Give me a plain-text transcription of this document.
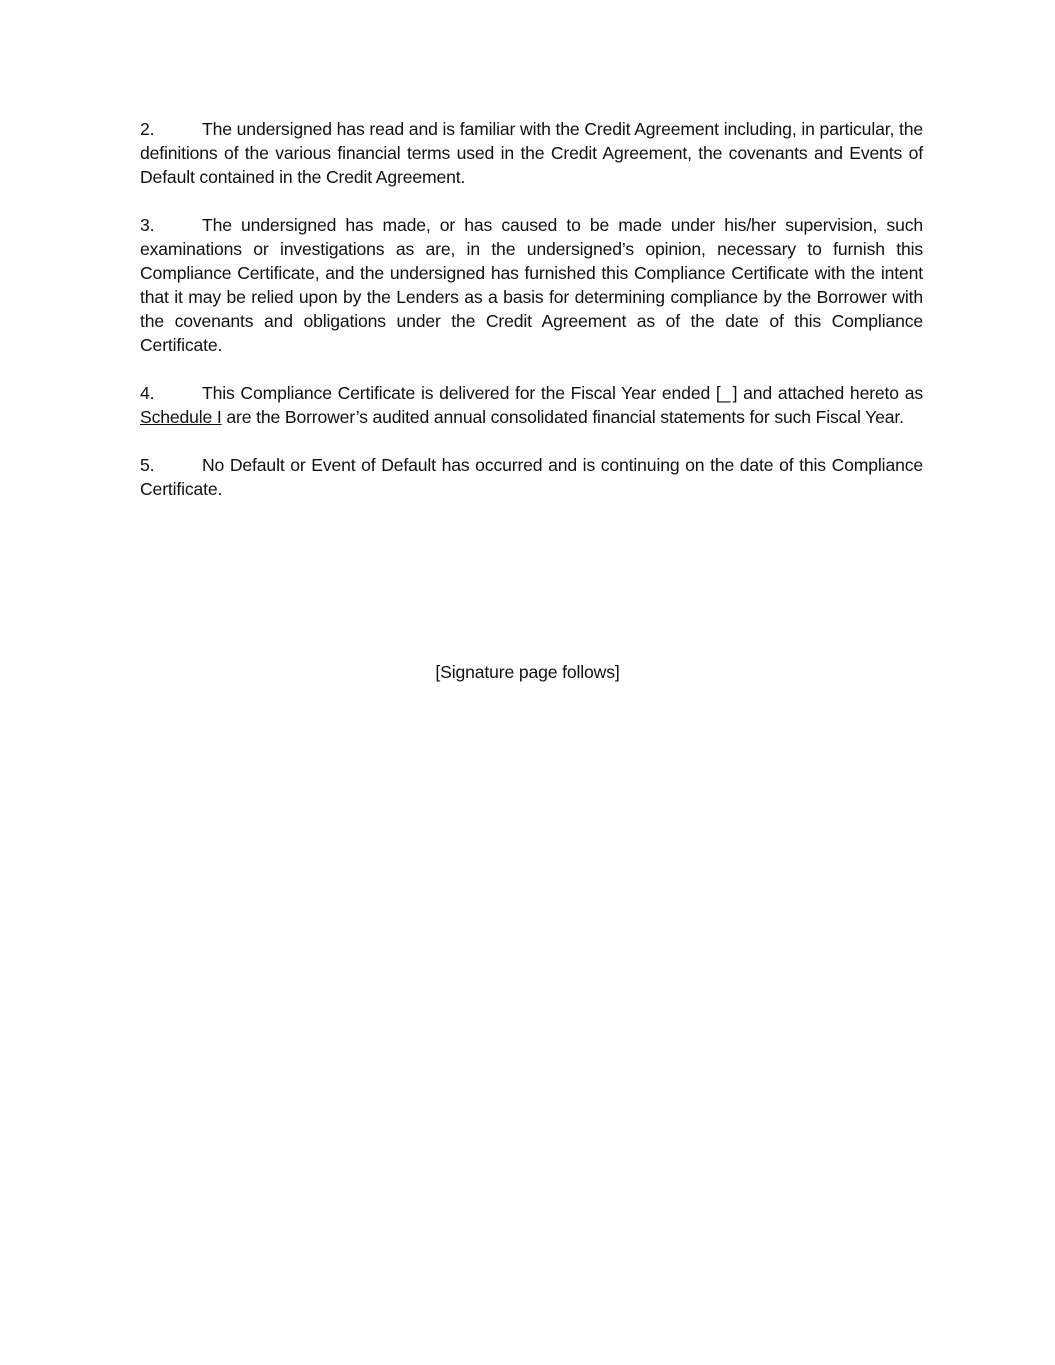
2.	The undersigned has read and is familiar with the Credit Agreement including, in particular, the definitions of the various financial terms used in the Credit Agreement, the covenants and Events of Default contained in the Credit Agreement.

3.	The undersigned has made, or has caused to be made under his/her supervision, such examinations or investigations as are, in the undersigned’s opinion, necessary to furnish this Compliance Certificate, and the undersigned has furnished this Compliance Certificate with the intent that it may be relied upon by the Lenders as a basis for determining compliance by the Borrower with the covenants and obligations under the Credit Agreement as of the date of this Compliance Certificate.

4.	This Compliance Certificate is delivered for the Fiscal Year ended [_ ] and attached hereto as Schedule I are the Borrower’s audited annual consolidated financial statements for such Fiscal Year.

5.	No Default or Event of Default has occurred and is continuing on the date of this Compliance Certificate.

[Signature page follows]
